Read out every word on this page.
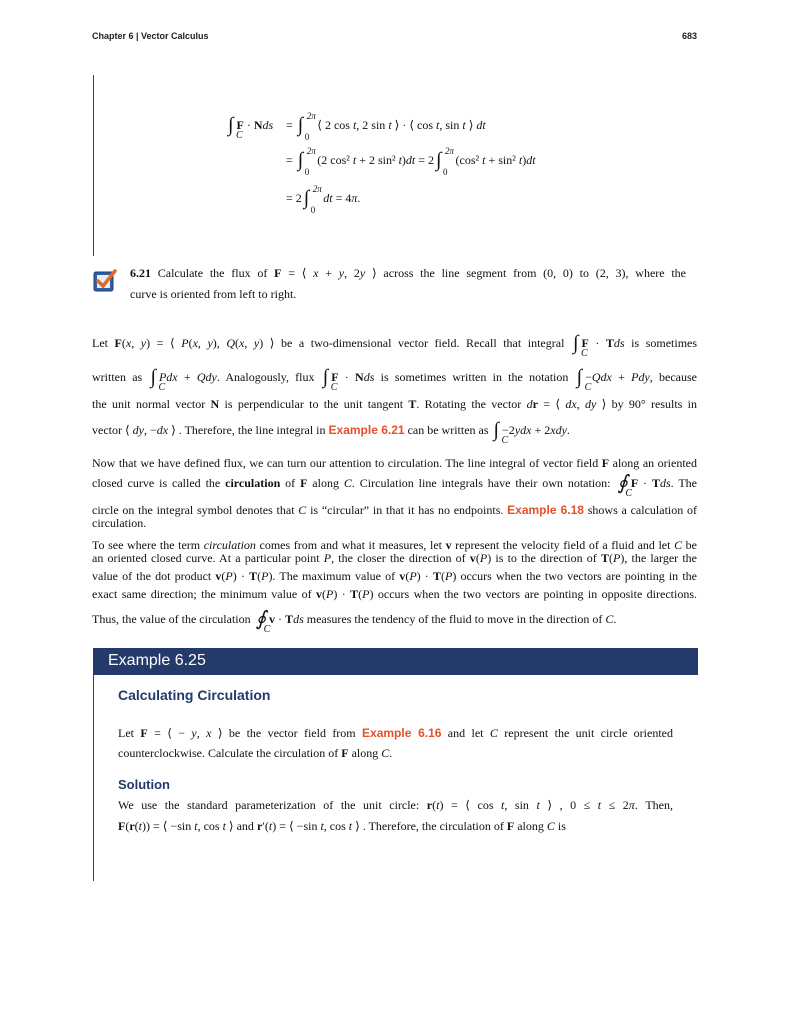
Chapter 6 | Vector Calculus	683
∫ C
F · Nds = ∫
0
2π
⟨ 2 cos t, 2 sin t ⟩ · ⟨ cos t, sin t ⟩ dt
= ∫
0
2π
(2 cos² t + 2 sin² t)dt = 2 ∫
0
2π
(cos² t + sin² t)dt
= 2 ∫
0
2π
dt = 4π.
6.21 Calculate the flux of F = ⟨ x + y, 2y ⟩ across the line segment from (0, 0) to (2, 3), where the
curve is oriented from left to right.
Let F(x, y) = ⟨ P(x, y), Q(x, y) ⟩ be a two-dimensional vector field. Recall that integral ∫ C
F · Tds is sometimes
written as ∫ C
Pdx + Qdy. Analogously, flux ∫ C
F · Nds is sometimes written in the notation ∫ C
−Qdx + Pdy, because
the unit normal vector N is perpendicular to the unit tangent T. Rotating the vector dr = ⟨ dx, dy ⟩ by 90° results in
vector ⟨ dy, −dx ⟩ . Therefore, the line integral in Example 6.21 can be written as ∫ C
−2ydx + 2xdy.
Now that we have defined flux, we can turn our attention to circulation. The line integral of vector field F along an oriented
closed curve is called the circulation of F along C. Circulation line integrals have their own notation: ∮
C
F · Tds. The
circle on the integral symbol denotes that C is “circular” in that it has no endpoints. Example 6.18 shows a calculation of
circulation.
To see where the term circulation comes from and what it measures, let v represent the velocity field of a fluid and let C be
an oriented closed curve. At a particular point P, the closer the direction of v(P) is to the direction of T(P), the larger the
value of the dot product v(P) · T(P). The maximum value of v(P) · T(P) occurs when the two vectors are pointing in the
exact same direction; the minimum value of v(P) · T(P) occurs when the two vectors are pointing in opposite directions.
Thus, the value of the circulation ∮
C
v · Tds measures the tendency of the fluid to move in the direction of C.
Example 6.25
Calculating Circulation
Let F = ⟨ − y, x ⟩ be the vector field from Example 6.16 and let C represent the unit circle oriented
counterclockwise. Calculate the circulation of F along C.
Solution
We use the standard parameterization of the unit circle: r(t) = ⟨ cos t, sin t ⟩ , 0 ≤ t ≤ 2π. Then,
F(r(t)) = ⟨ −sin t, cos t ⟩ and r′(t) = ⟨ −sin t, cos t ⟩ . Therefore, the circulation of F along C is
